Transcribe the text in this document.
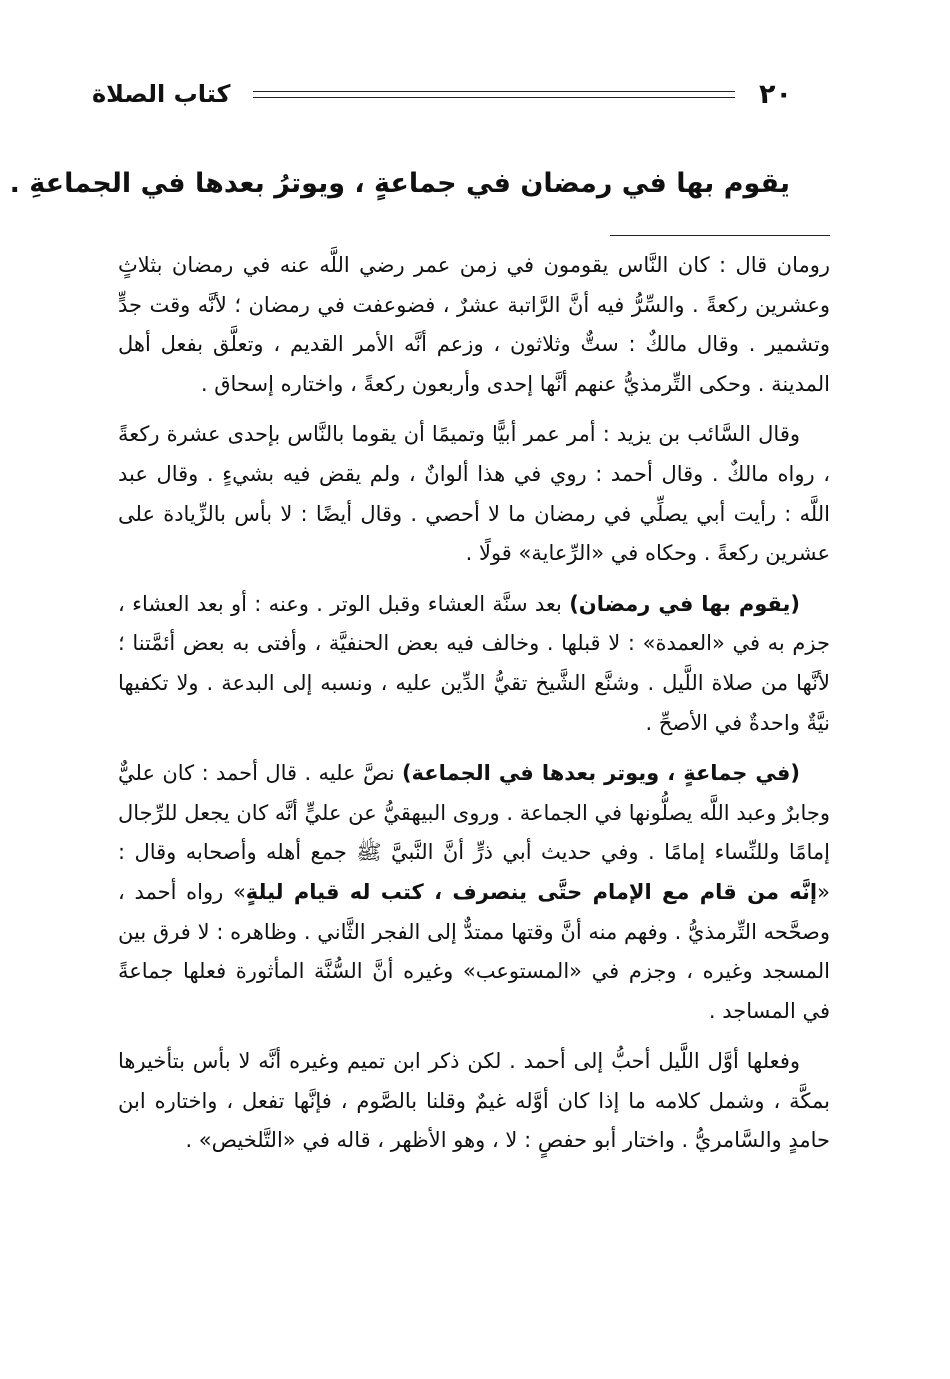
٢٠
كتاب الصلاة
يقوم بها في رمضان في جماعةٍ ، ويوترُ بعدها في الجماعةِ .

رومان قال : كان النَّاس يقومون في زمن عمر رضي اللَّه عنه في رمضان بثلاثٍ وعشرين ركعةً . والسِّرُّ فيه أنَّ الرَّاتبة عشرٌ ، فضوعفت في رمضان ؛ لأنَّه وقت جدٍّ وتشمير . وقال مالكٌ : ستٌّ وثلاثون ، وزعم أنَّه الأمر القديم ، وتعلَّق بفعل أهل المدينة . وحكى التِّرمذيُّ عنهم أنَّها إحدى وأربعون ركعةً ، واختاره إسحاق .

وقال السَّائب بن يزيد : أمر عمر أبيًّا وتميمًا أن يقوما بالنَّاس بإحدى عشرة ركعةً ، رواه مالكٌ . وقال أحمد : روي في هذا ألوانٌ ، ولم يقض فيه بشيءٍ . وقال عبد اللَّه : رأيت أبي يصلِّي في رمضان ما لا أحصي . وقال أيضًا : لا بأس بالزِّيادة على عشرين ركعةً . وحكاه في «الرِّعاية» قولًا .

(يقوم بها في رمضان) بعد سنَّة العشاء وقبل الوتر . وعنه : أو بعد العشاء ، جزم به في «العمدة» : لا قبلها . وخالف فيه بعض الحنفيَّة ، وأفتى به بعض أئمَّتنا ؛ لأنَّها من صلاة اللَّيل . وشنَّع الشَّيخ تقيُّ الدِّين عليه ، ونسبه إلى البدعة . ولا تكفيها نيَّةٌ واحدةٌ في الأصحِّ .

(في جماعةٍ ، ويوتر بعدها في الجماعة) نصَّ عليه . قال أحمد : كان عليٌّ وجابرٌ وعبد اللَّه يصلُّونها في الجماعة . وروى البيهقيُّ عن عليٍّ أنَّه كان يجعل للرِّجال إمامًا وللنِّساء إمامًا . وفي حديث أبي ذرٍّ أنَّ النَّبيَّ ﷺ جمع أهله وأصحابه وقال : «إنَّه من قام مع الإمام حتَّى ينصرف ، كتب له قيام ليلةٍ» رواه أحمد ، وصحَّحه التِّرمذيُّ . وفهم منه أنَّ وقتها ممتدٌّ إلى الفجر الثَّاني . وظاهره : لا فرق بين المسجد وغيره ، وجزم في «المستوعب» وغيره أنَّ السُّنَّة المأثورة فعلها جماعةً في المساجد .

وفعلها أوَّل اللَّيل أحبُّ إلى أحمد . لكن ذكر ابن تميم وغيره أنَّه لا بأس بتأخيرها بمكَّة ، وشمل كلامه ما إذا كان أوَّله غيمٌ وقلنا بالصَّوم ، فإنَّها تفعل ، واختاره ابن حامدٍ والسَّامريُّ . واختار أبو حفصٍ : لا ، وهو الأظهر ، قاله في «التَّلخيص» .
